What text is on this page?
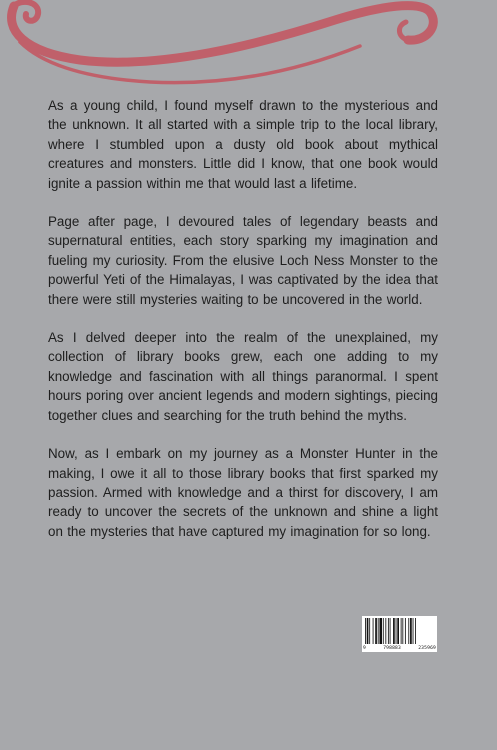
As a young child, I found myself drawn to the mysterious and the unknown. It all started with a simple trip to the local library, where I stumbled upon a dusty old book about mythical creatures and monsters. Little did I know, that one book would ignite a passion within me that would last a lifetime.

Page after page, I devoured tales of legendary beasts and supernatural entities, each story sparking my imagination and fueling my curiosity. From the elusive Loch Ness Monster to the powerful Yeti of the Himalayas, I was captivated by the idea that there were still mysteries waiting to be uncovered in the world.

As I delved deeper into the realm of the unexplained, my collection of library books grew, each one adding to my knowledge and fascination with all things paranormal. I spent hours poring over ancient legends and modern sightings, piecing together clues and searching for the truth behind the myths.

Now, as I embark on my journey as a Monster Hunter in the making, I owe it all to those library books that first sparked my passion. Armed with knowledge and a thirst for discovery, I am ready to uncover the secrets of the unknown and shine a light on the mysteries that have captured my imagination for so long.

9	798883	235969
